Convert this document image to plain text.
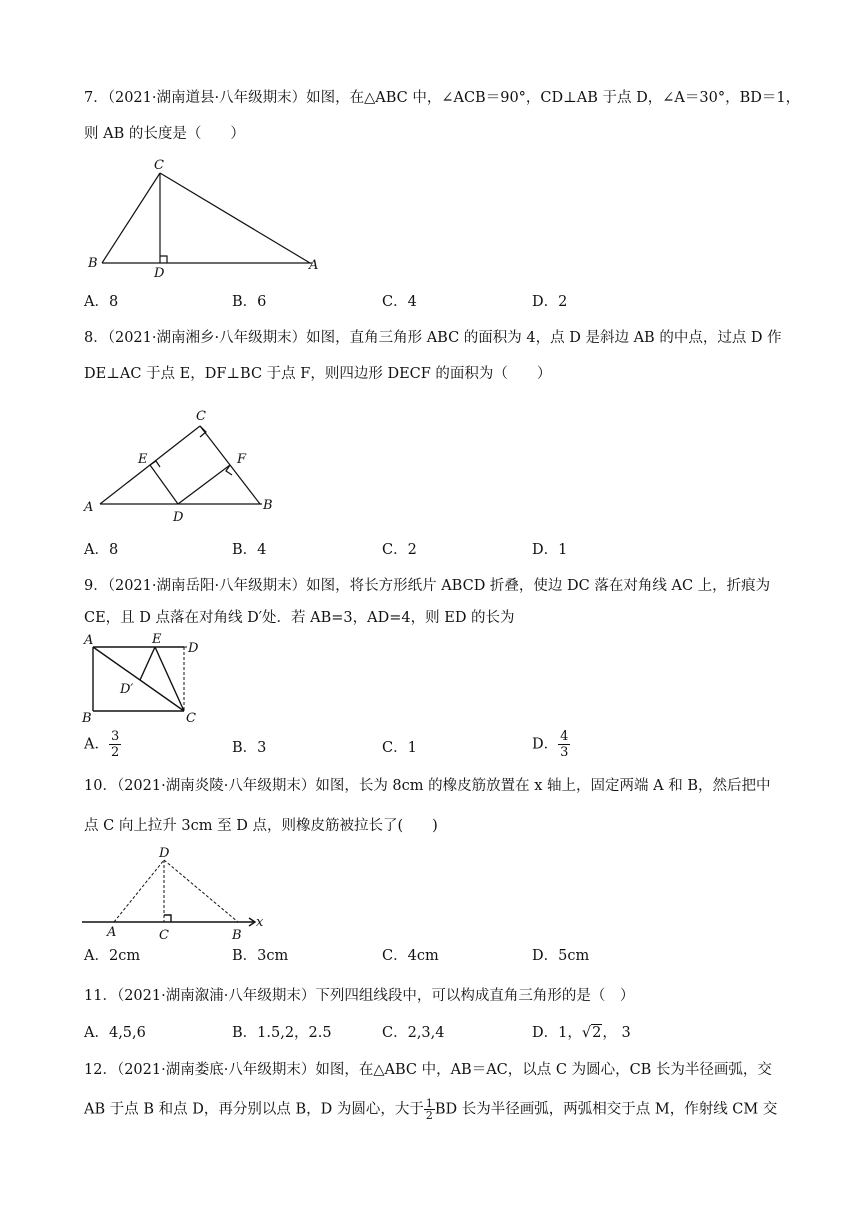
7．（2021·湖南道县·八年级期末）如图，在△ABC 中，∠ACB＝90°，CD⊥AB 于点 D，∠A＝30°，BD＝1，
则 AB 的长度是（　　）
C
B
D
A
A．8	B．6	C．4	D．2
8．（2021·湖南湘乡·八年级期末）如图，直角三角形 ABC 的面积为 4，点 D 是斜边 AB 的中点，过点 D 作
DE⊥AC 于点 E，DF⊥BC 于点 F，则四边形 DECF 的面积为（　　）
C
E	F
A
D
B
A．8	B．4	C．2	D．1
9．（2021·湖南岳阳·八年级期末）如图，将长方形纸片 ABCD 折叠，使边 DC 落在对角线 AC 上，折痕为
CE，且 D 点落在对角线 D′处．若 AB=3，AD=4，则 ED 的长为
A	E
D
D′
B	C
A． $\frac{3}{2}$	B．3	C．1	D． $\frac{4}{3}$
10．（2021·湖南炎陵·八年级期末）如图，长为 8cm 的橡皮筋放置在 x 轴上，固定两端 A 和 B，然后把中
点 C 向上拉升 3cm 至 D 点，则橡皮筋被拉长了(　　)
D
x
A	C	B
A．2cm	B．3cm	C．4cm	D．5cm
11．（2021·湖南溆浦·八年级期末）下列四组线段中，可以构成直角三角形的是（　）
A．4,5,6	B．1.5,2，2.5	C．2,3,4	D．1，√2， 3
12．（2021·湖南娄底·八年级期末）如图，在△ABC 中，AB＝AC，以点 C 为圆心，CB 长为半径画弧，交
AB 于点 B 和点 D，再分别以点 B，D 为圆心，大于 $\frac{1}{2}$ BD 长为半径画弧，两弧相交于点 M，作射线 CM 交
